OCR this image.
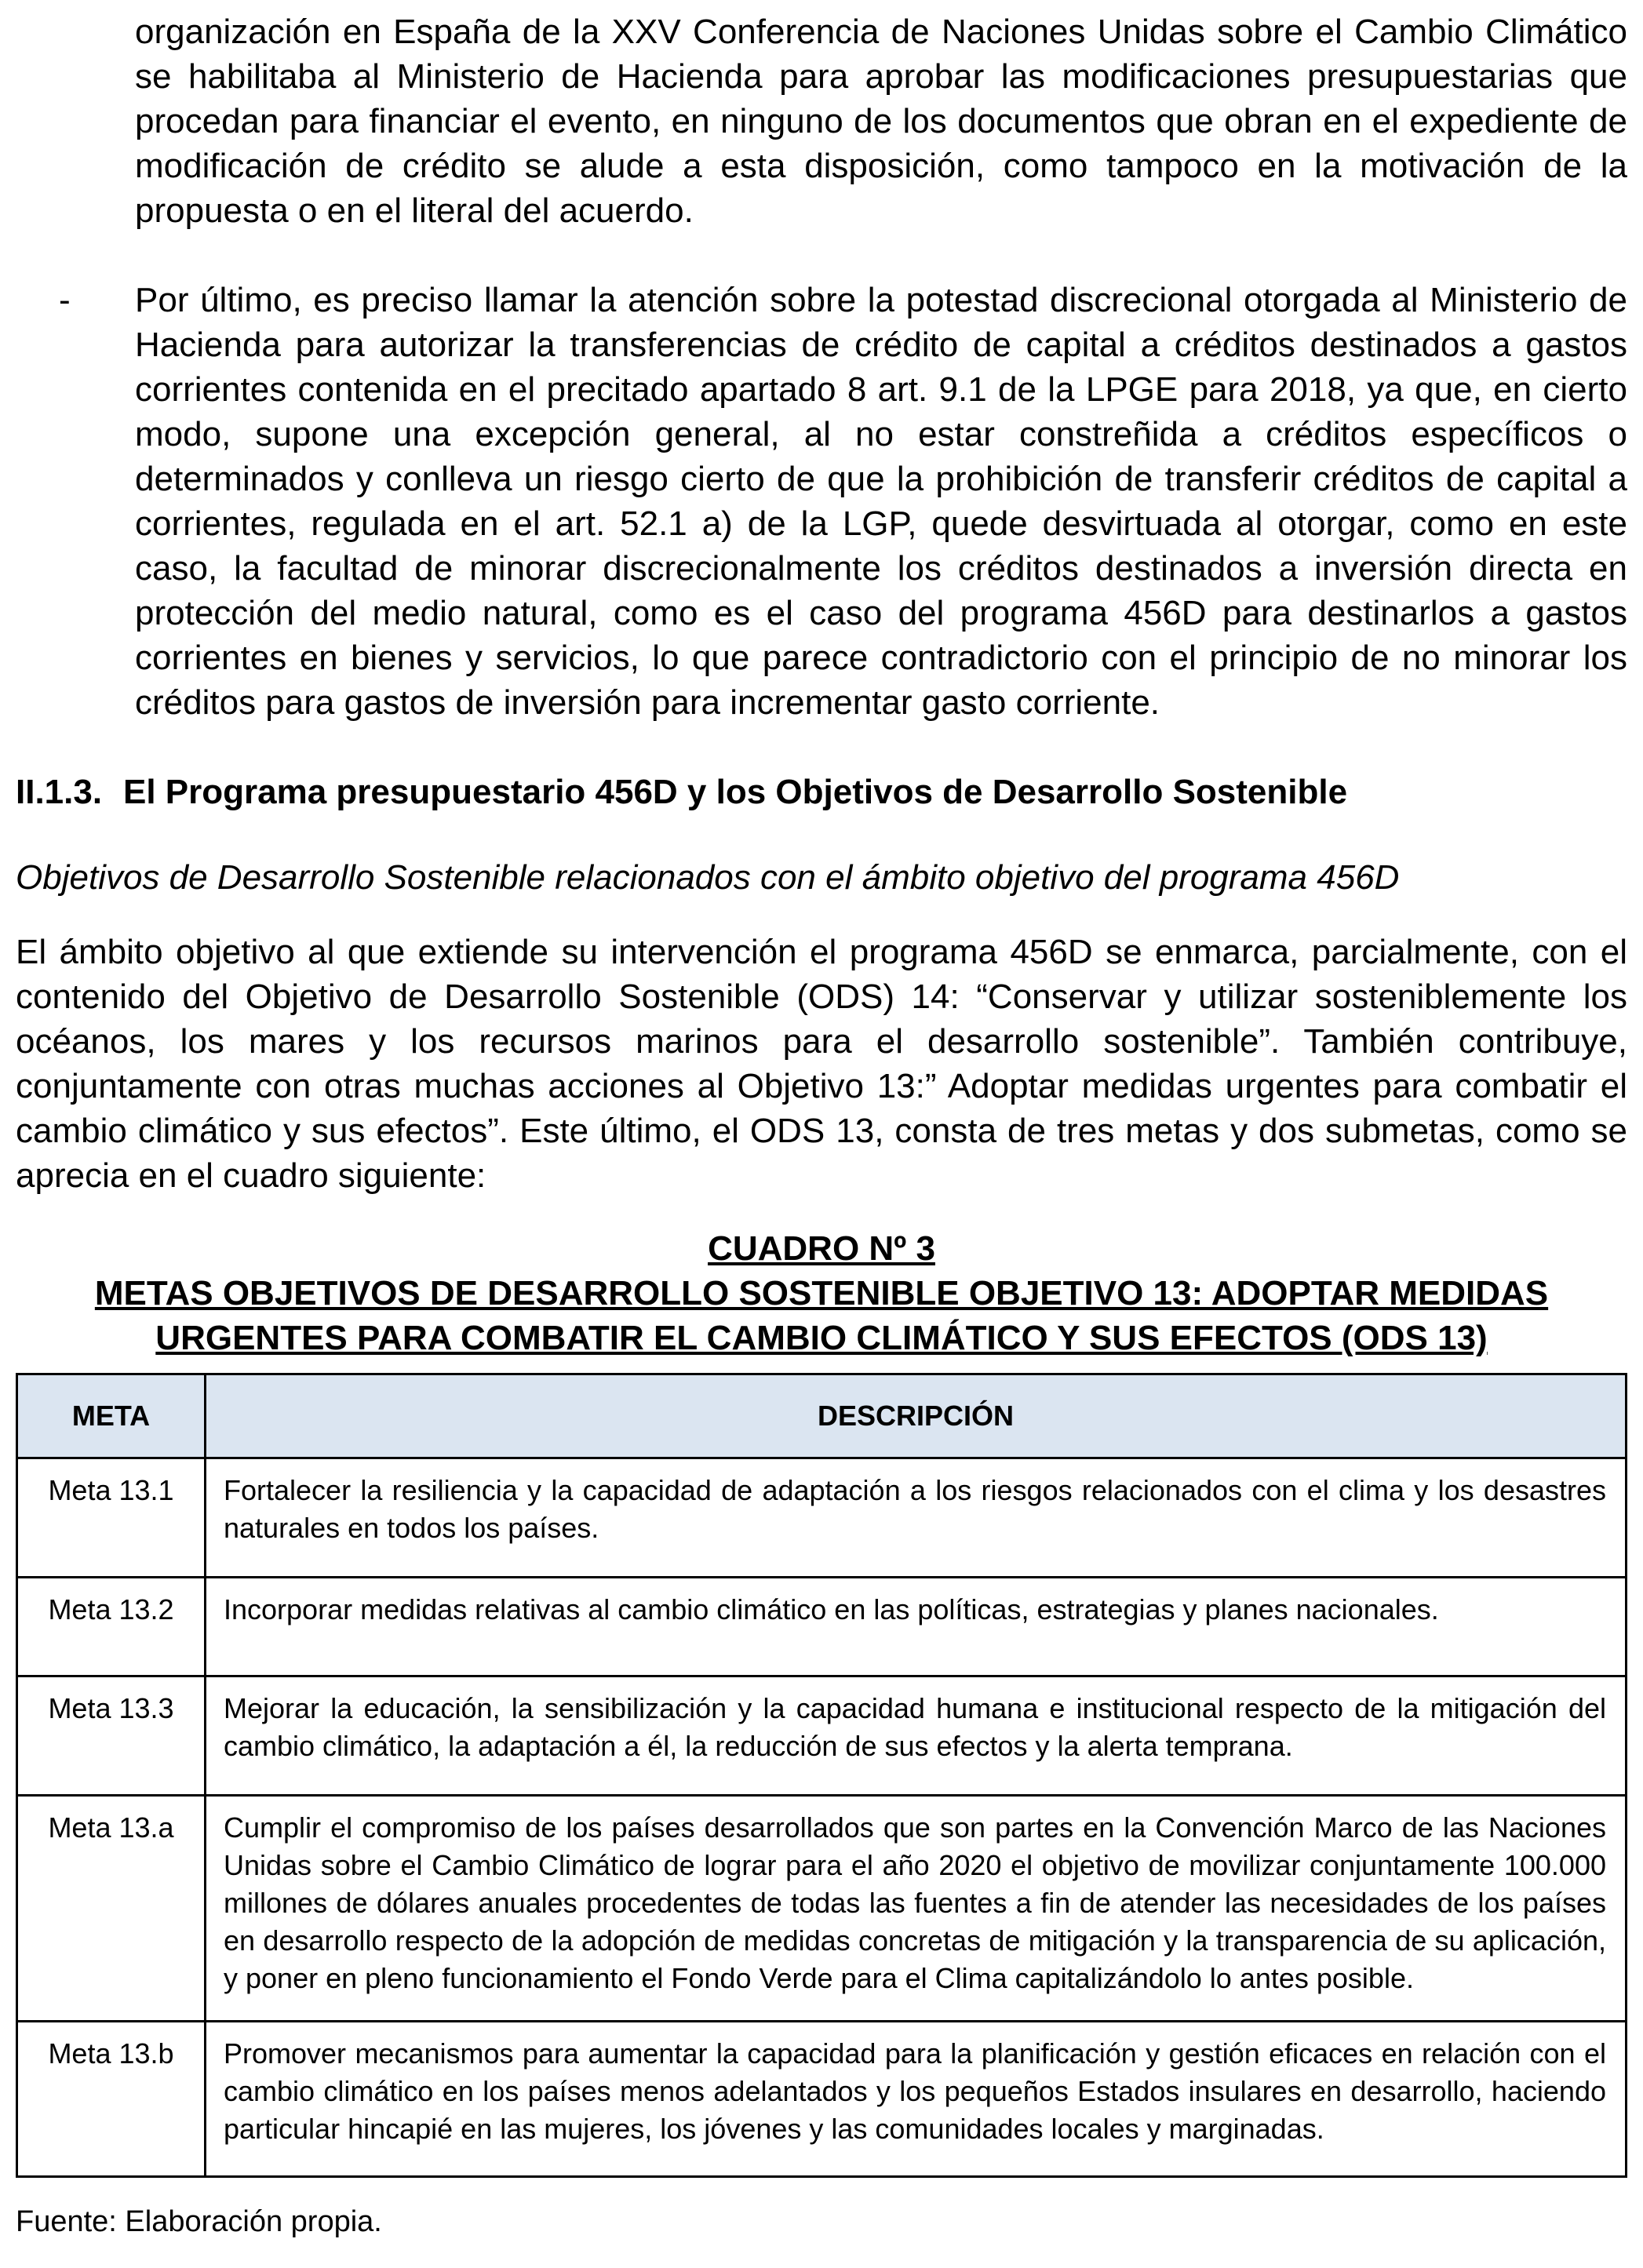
organización en España de la XXV Conferencia de Naciones Unidas sobre el Cambio Climático se habilitaba al Ministerio de Hacienda para aprobar las modificaciones presupuestarias que procedan para financiar el evento, en ninguno de los documentos que obran en el expediente de modificación de crédito se alude a esta disposición, como tampoco en la motivación de la propuesta o en el literal del acuerdo.

- Por último, es preciso llamar la atención sobre la potestad discrecional otorgada al Ministerio de Hacienda para autorizar la transferencias de crédito de capital a créditos destinados a gastos corrientes contenida en el precitado apartado 8 art. 9.1 de la LPGE para 2018, ya que, en cierto modo, supone una excepción general, al no estar constreñida a créditos específicos o determinados y conlleva un riesgo cierto de que la prohibición de transferir créditos de capital a corrientes, regulada en el art. 52.1 a) de la LGP, quede desvirtuada al otorgar, como en este caso, la facultad de minorar discrecionalmente los créditos destinados a inversión directa en protección del medio natural, como es el caso del programa 456D para destinarlos a gastos corrientes en bienes y servicios, lo que parece contradictorio con el principio de no minorar los créditos para gastos de inversión para incrementar gasto corriente.

II.1.3. El Programa presupuestario 456D y los Objetivos de Desarrollo Sostenible

Objetivos de Desarrollo Sostenible relacionados con el ámbito objetivo del programa 456D

El ámbito objetivo al que extiende su intervención el programa 456D se enmarca, parcialmente, con el contenido del Objetivo de Desarrollo Sostenible (ODS) 14: “Conservar y utilizar sosteniblemente los océanos, los mares y los recursos marinos para el desarrollo sostenible”. También contribuye, conjuntamente con otras muchas acciones al Objetivo 13:” Adoptar medidas urgentes para combatir el cambio climático y sus efectos”. Este último, el ODS 13, consta de tres metas y dos submetas, como se aprecia en el cuadro siguiente:

CUADRO Nº 3
METAS OBJETIVOS DE DESARROLLO SOSTENIBLE OBJETIVO 13: ADOPTAR MEDIDAS URGENTES PARA COMBATIR EL CAMBIO CLIMÁTICO Y SUS EFECTOS (ODS 13)
META	DESCRIPCIÓN
Meta 13.1	Fortalecer la resiliencia y la capacidad de adaptación a los riesgos relacionados con el clima y los desastres naturales en todos los países.
Meta 13.2	Incorporar medidas relativas al cambio climático en las políticas, estrategias y planes nacionales.
Meta 13.3	Mejorar la educación, la sensibilización y la capacidad humana e institucional respecto de la mitigación del cambio climático, la adaptación a él, la reducción de sus efectos y la alerta temprana.
Meta 13.a	Cumplir el compromiso de los países desarrollados que son partes en la Convención Marco de las Naciones Unidas sobre el Cambio Climático de lograr para el año 2020 el objetivo de movilizar conjuntamente 100.000 millones de dólares anuales procedentes de todas las fuentes a fin de atender las necesidades de los países en desarrollo respecto de la adopción de medidas concretas de mitigación y la transparencia de su aplicación, y poner en pleno funcionamiento el Fondo Verde para el Clima capitalizándolo lo antes posible.
Meta 13.b	Promover mecanismos para aumentar la capacidad para la planificación y gestión eficaces en relación con el cambio climático en los países menos adelantados y los pequeños Estados insulares en desarrollo, haciendo particular hincapié en las mujeres, los jóvenes y las comunidades locales y marginadas.

Fuente: Elaboración propia.
